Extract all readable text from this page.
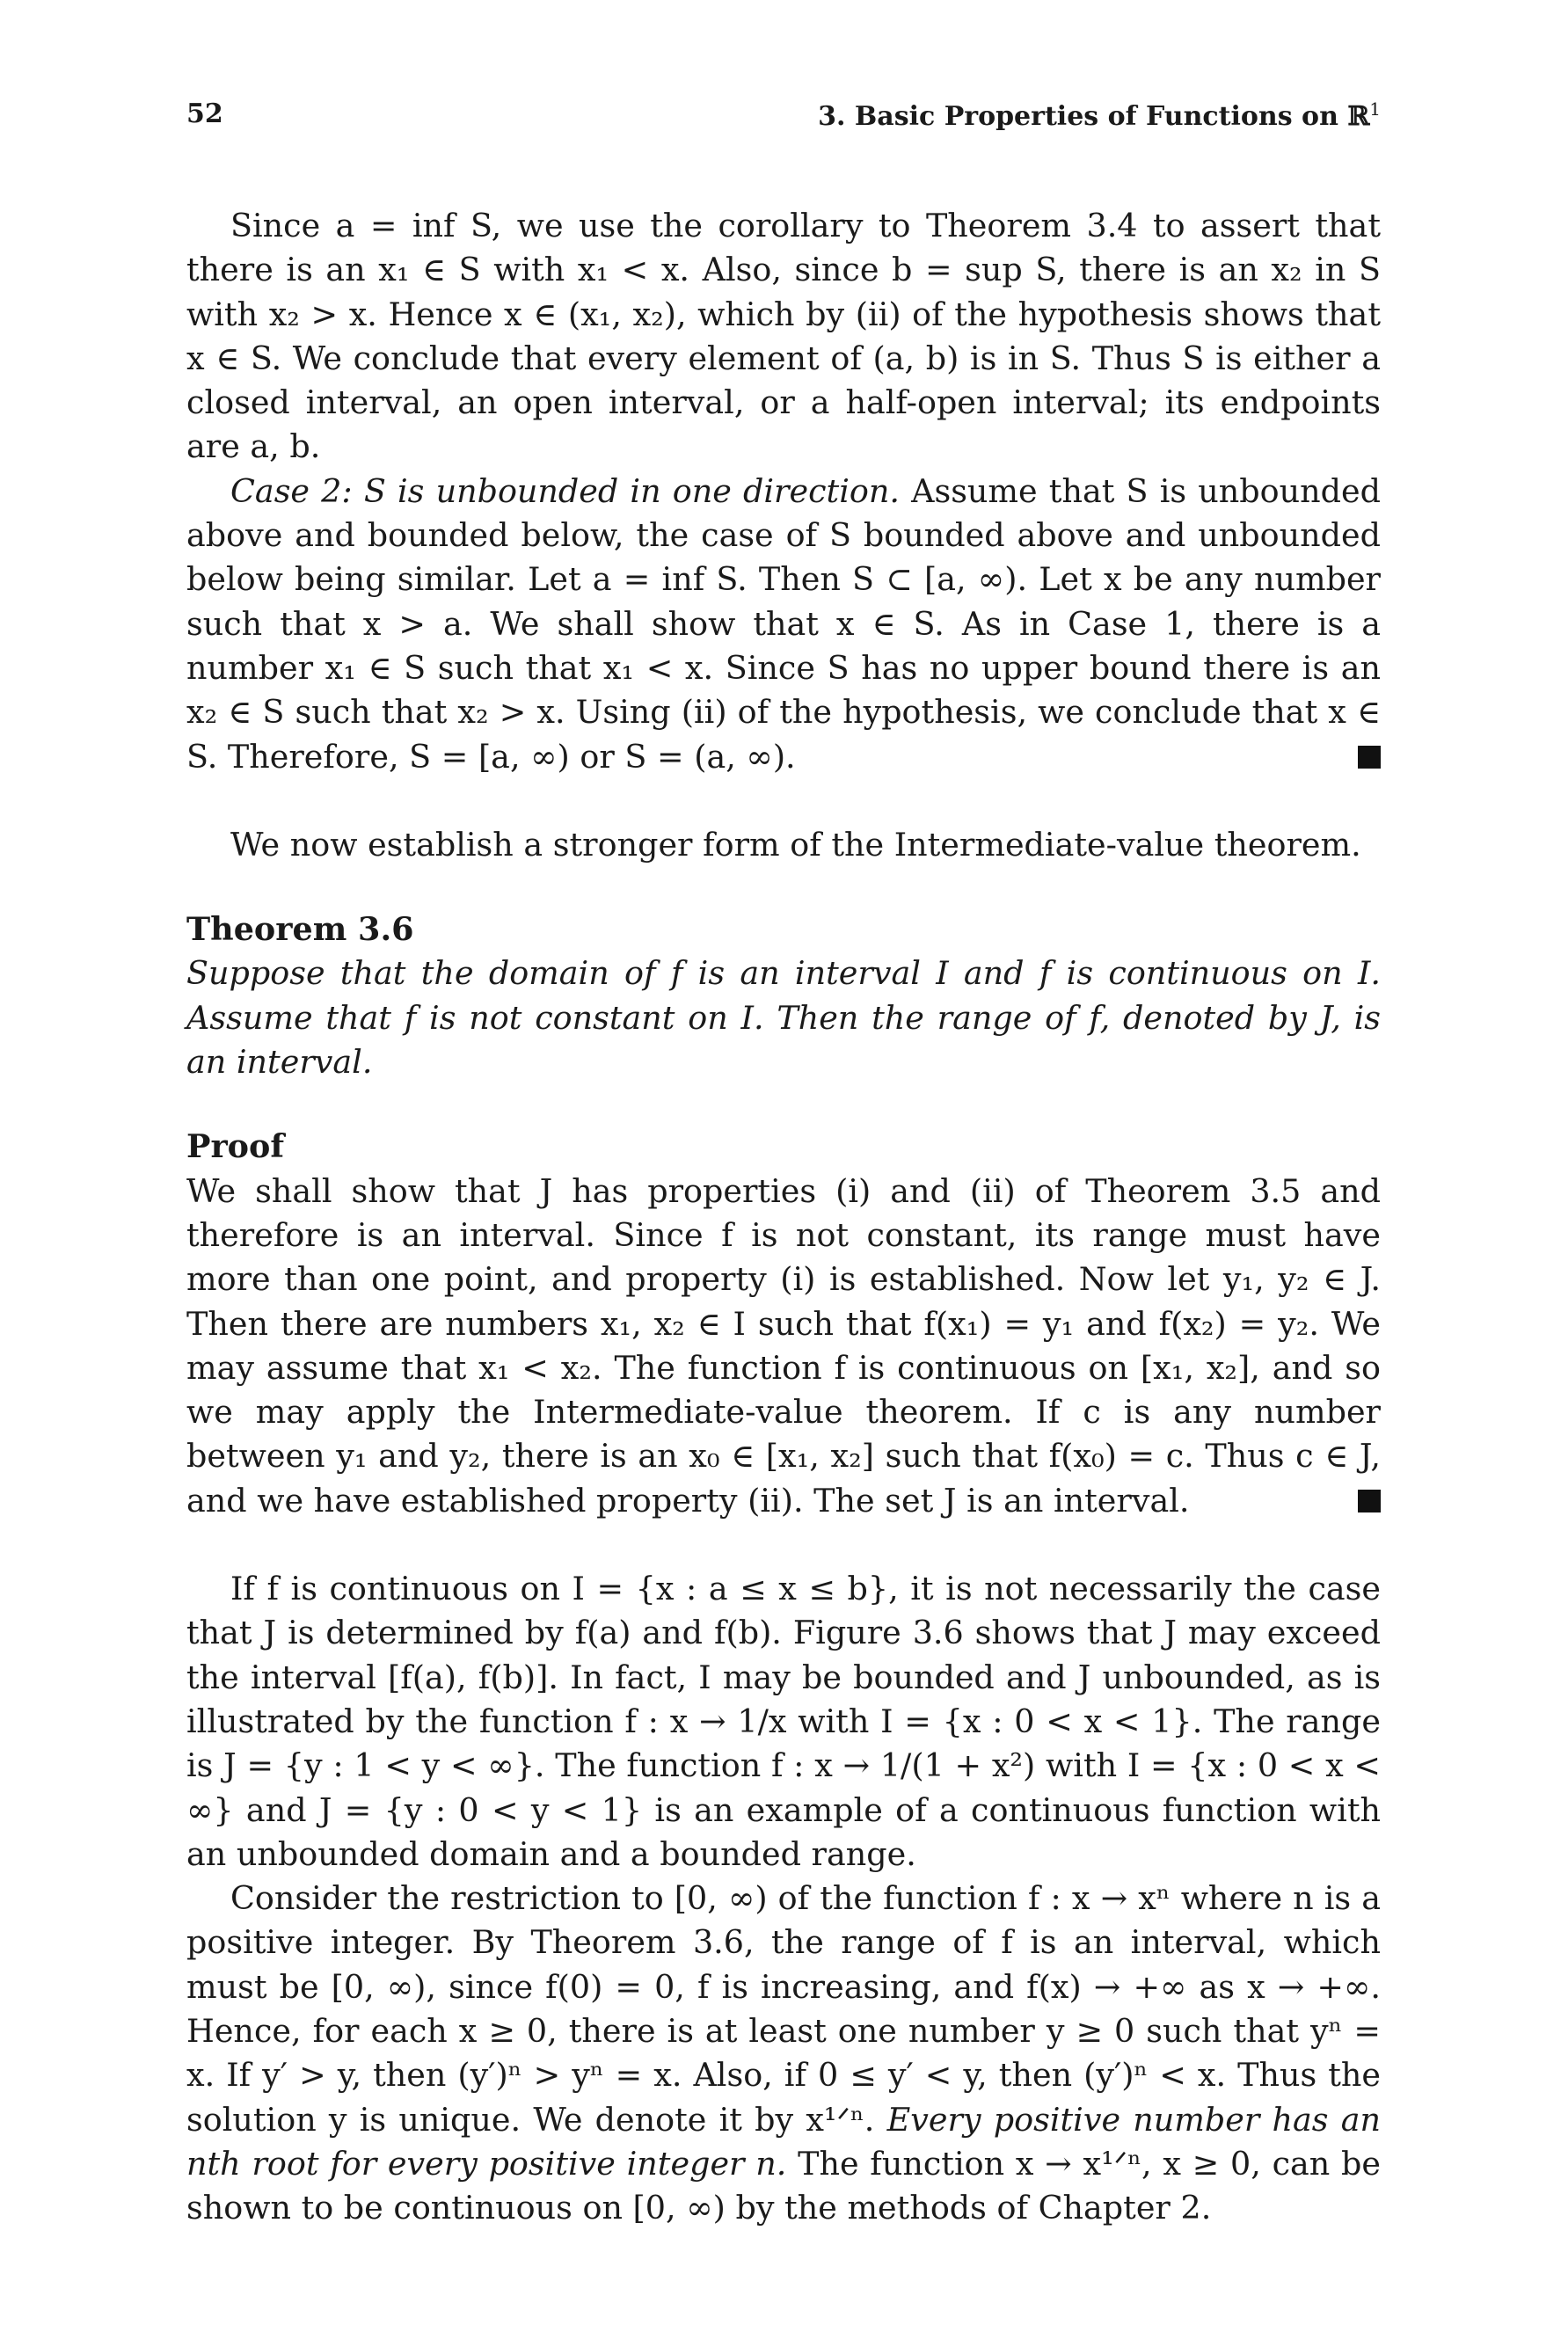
52	3. Basic Properties of Functions on ℝ$^1$

Since a = inf S, we use the corollary to Theorem 3.4 to assert that there is an x₁ ∈ S with x₁ < x. Also, since b = sup S, there is an x₂ in S with x₂ > x. Hence x ∈ (x₁, x₂), which by (ii) of the hypothesis shows that x ∈ S. We conclude that every element of (a, b) is in S. Thus S is either a closed interval, an open interval, or a half-open interval; its endpoints are a, b.

Case 2: S is unbounded in one direction. Assume that S is unbounded above and bounded below, the case of S bounded above and unbounded below being similar. Let a = inf S. Then S ⊂ [a, ∞). Let x be any number such that x > a. We shall show that x ∈ S. As in Case 1, there is a number x₁ ∈ S such that x₁ < x. Since S has no upper bound there is an x₂ ∈ S such that x₂ > x. Using (ii) of the hypothesis, we conclude that x ∈ S. Therefore, S = [a, ∞) or S = (a, ∞).

We now establish a stronger form of the Intermediate-value theorem.

Theorem 3.6

Suppose that the domain of f is an interval I and f is continuous on I. Assume that f is not constant on I. Then the range of f, denoted by J, is an interval.

Proof

We shall show that J has properties (i) and (ii) of Theorem 3.5 and therefore is an interval. Since f is not constant, its range must have more than one point, and property (i) is established. Now let y₁, y₂ ∈ J. Then there are numbers x₁, x₂ ∈ I such that f(x₁) = y₁ and f(x₂) = y₂. We may assume that x₁ < x₂. The function f is continuous on [x₁, x₂], and so we may apply the Intermediate-value theorem. If c is any number between y₁ and y₂, there is an x₀ ∈ [x₁, x₂] such that f(x₀) = c. Thus c ∈ J, and we have established property (ii). The set J is an interval.

If f is continuous on I = {x : a ≤ x ≤ b}, it is not necessarily the case that J is determined by f(a) and f(b). Figure 3.6 shows that J may exceed the interval [f(a), f(b)]. In fact, I may be bounded and J unbounded, as is illustrated by the function f : x → 1/x with I = {x : 0 < x < 1}. The range is J = {y : 1 < y < ∞}. The function f : x → 1/(1 + x²) with I = {x : 0 < x < ∞} and J = {y : 0 < y < 1} is an example of a continuous function with an unbounded domain and a bounded range.

Consider the restriction to [0, ∞) of the function f : x → xⁿ where n is a positive integer. By Theorem 3.6, the range of f is an interval, which must be [0, ∞), since f(0) = 0, f is increasing, and f(x) → +∞ as x → +∞. Hence, for each x ≥ 0, there is at least one number y ≥ 0 such that yⁿ = x. If y′ > y, then (y′)ⁿ > yⁿ = x. Also, if 0 ≤ y′ < y, then (y′)ⁿ < x. Thus the solution y is unique. We denote it by x¹ᐟⁿ. Every positive number has an nth root for every positive integer n. The function x → x¹ᐟⁿ, x ≥ 0, can be shown to be continuous on [0, ∞) by the methods of Chapter 2.
